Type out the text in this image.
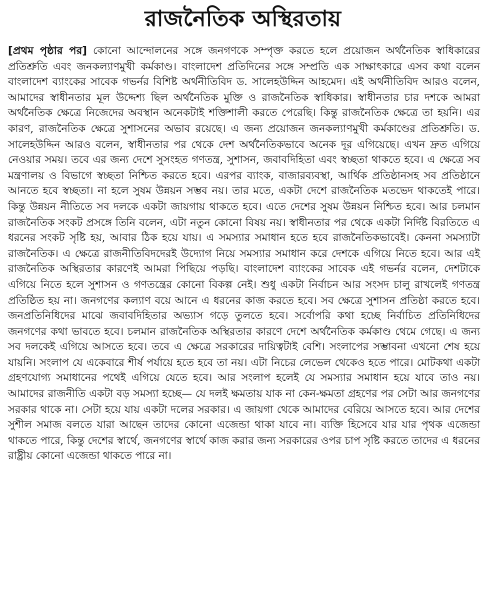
রাজনৈতিক অস্থিরতায়
[প্রথম পৃষ্ঠার পর] কোনো আন্দোলনের সঙ্গে জনগণকে সম্পৃক্ত করতে হলে প্রয়োজন অর্থনৈতিক স্বাধিকারের প্রতিশ্রুতি এবং জনকল্যাণমুখী কর্মকাণ্ড। বাংলাদেশ প্রতিদিনের সঙ্গে সম্প্রতি এক সাক্ষাৎকারে এসব কথা বলেন বাংলাদেশ ব্যাংকের সাবেক গভর্নর বিশিষ্ট অর্থনীতিবিদ ড. সালেহউদ্দিন আহমেদ। এই অর্থনীতিবিদ আরও বলেন, আমাদের স্বাধীনতার মূল উদ্দেশ্য ছিল অর্থনৈতিক মুক্তি ও রাজনৈতিক স্বাধিকার। স্বাধীনতার চার দশকে আমরা অর্থনৈতিক ক্ষেত্রে নিজেদের অবস্থান অনেকটাই শক্তিশালী করতে পেরেছি। কিন্তু রাজনৈতিক ক্ষেত্রে তা হয়নি। এর কারণ, রাজনৈতিক ক্ষেত্রে সুশাসনের অভাব রয়েছে। এ জন্য প্রয়োজন জনকল্যাণমুখী কর্মকাণ্ডের প্রতিশ্রুতি। ড. সালেহউদ্দিন আরও বলেন, স্বাধীনতার পর থেকে দেশ অর্থনৈতিকভাবে অনেক দূর এগিয়েছে। এখন দ্রুত এগিয়ে নেওয়ার সময়। তবে এর জন্য দেশে সুসংহত গণতন্ত্র, সুশাসন, জবাবদিহিতা এবং স্বচ্ছতা থাকতে হবে। এ ক্ষেত্রে সব মন্ত্রণালয় ও বিভাগে স্বচ্ছতা নিশ্চিত করতে হবে। এরপর ব্যাংক, বাজারব্যবস্থা, আর্থিক প্রতিষ্ঠানসহ সব প্রতিষ্ঠানে আনতে হবে স্বচ্ছতা। না হলে সুষম উন্নয়ন সম্ভব নয়। তার মতে, একটা দেশে রাজনৈতিক মতভেদ থাকতেই পারে। কিন্তু উন্নয়ন নীতিতে সব দলকে একটা জায়গায় থাকতে হবে। এতে দেশের সুষম উন্নয়ন নিশ্চিত হবে। আর চলমান রাজনৈতিক সংকট প্রসঙ্গে তিনি বলেন, এটা নতুন কোনো বিষয় নয়। স্বাধীনতার পর থেকে একটা নির্দিষ্ট বিরতিতে এ ধরনের সংকট সৃষ্টি হয়, আবার ঠিক হয়ে যায়। এ সমস্যার সমাধান হতে হবে রাজনৈতিকভাবেই। কেননা সমস্যাটা রাজনৈতিক। এ ক্ষেত্রে রাজনীতিবিদদেরই উদ্যোগ নিয়ে সমস্যার সমাধান করে দেশকে এগিয়ে নিতে হবে। আর এই রাজনৈতিক অস্থিরতার কারণেই আমরা পিছিয়ে পড়ছি। বাংলাদেশ ব্যাংকের সাবেক এই গভর্নর বলেন, দেশটাকে এগিয়ে নিতে হলে সুশাসন ও গণতন্ত্রের কোনো বিকল্প নেই। শুধু একটা নির্বাচন আর সংসদ চালু রাখলেই গণতন্ত্র প্রতিষ্ঠিত হয় না। জনগণের কল্যাণ বয়ে আনে এ ধরনের কাজ করতে হবে। সব ক্ষেত্রে সুশাসন প্রতিষ্ঠা করতে হবে। জনপ্রতিনিধিদের মাঝে জবাবদিহিতার অভ্যাস গড়ে তুলতে হবে। সর্বোপরি কথা হচ্ছে নির্বাচিত প্রতিনিধিদের জনগণের কথা ভাবতে হবে। চলমান রাজনৈতিক অস্থিরতার কারণে দেশে অর্থনৈতিক কর্মকাণ্ড থেমে গেছে। এ জন্য সব দলকেই এগিয়ে আসতে হবে। তবে এ ক্ষেত্রে সরকারের দায়িত্বটাই বেশি। সংলাপের সম্ভাবনা এখনো শেষ হয়ে যায়নি। সংলাপ যে একেবারে শীর্ষ পর্যায়ে হতে হবে তা নয়। এটা নিচের লেভেল থেকেও হতে পারে। মোটকথা একটা গ্রহণযোগ্য সমাধানের পথেই এগিয়ে যেতে হবে। আর সংলাপ হলেই যে সমস্যার সমাধান হয়ে যাবে তাও নয়। আমাদের রাজনীতি একটা বড় সমস্যা হচ্ছে— যে দলই ক্ষমতায় যাক না কেন-ক্ষমতা গ্রহণের পর সেটা আর জনগণের সরকার থাকে না। সেটা হয়ে যায় একটা দলের সরকার। এ জায়গা থেকে আমাদের বেরিয়ে আসতে হবে। আর দেশের সুশীল সমাজ বলতে যারা আছেন তাদের কোনো এজেন্ডা থাকা যাবে না। ব্যক্তি হিসেবে যার যার পৃথক এজেন্ডা থাকতে পারে, কিন্তু দেশের স্বার্থে, জনগণের স্বার্থে কাজ করার জন্য সরকারের ওপর চাপ সৃষ্টি করতে তাদের এ ধরনের রাষ্ট্রীয় কোনো এজেন্ডা থাকতে পারে না।
